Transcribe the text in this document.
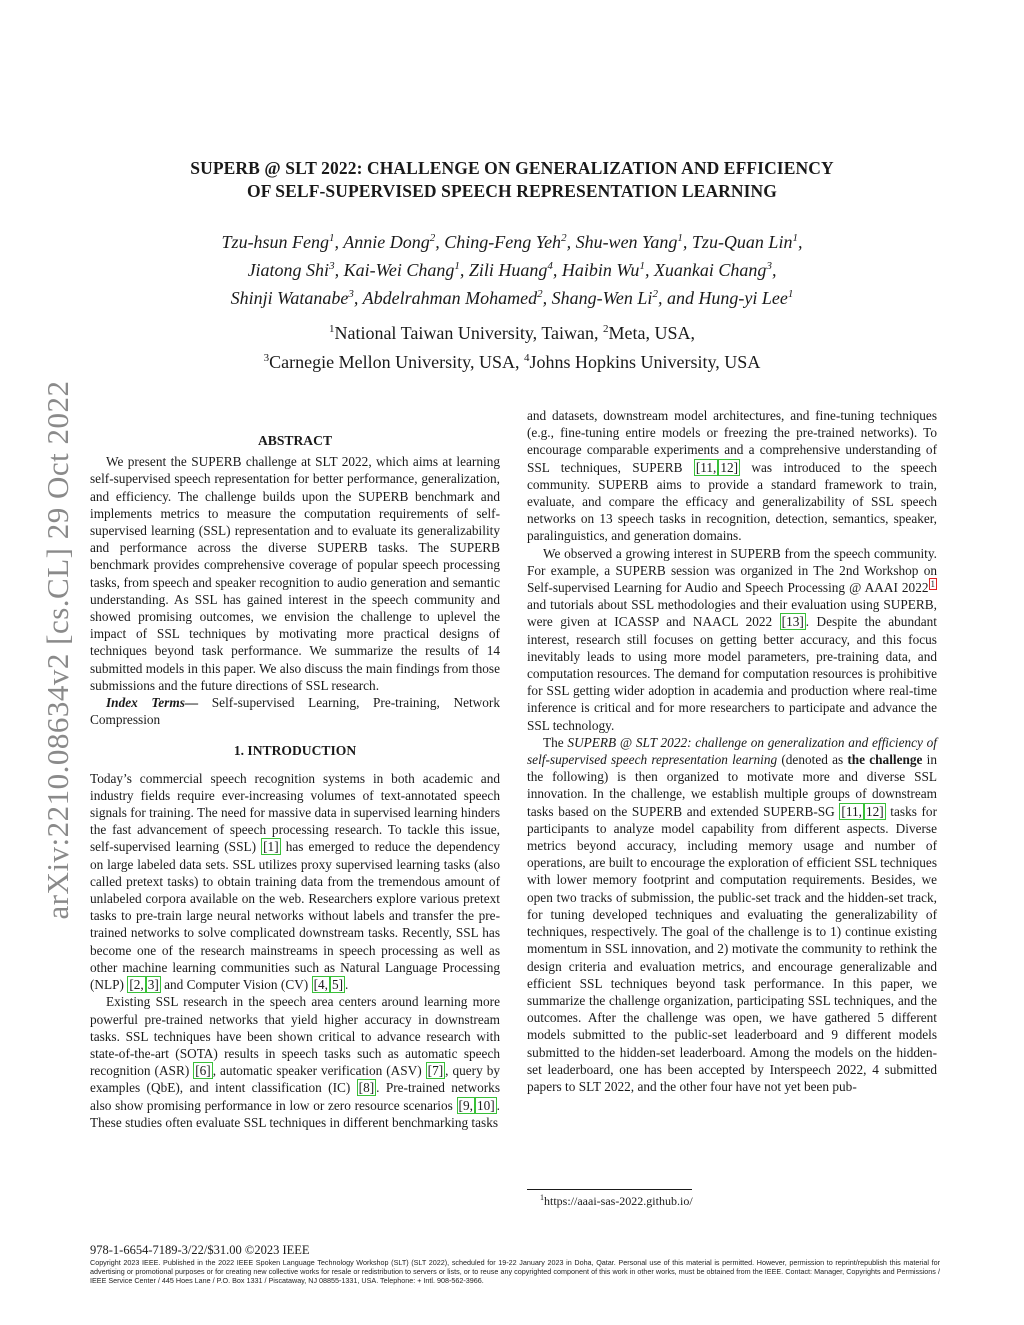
arXiv:2210.08634v2 [cs.CL] 29 Oct 2022
SUPERB @ SLT 2022: CHALLENGE ON GENERALIZATION AND EFFICIENCY
OF SELF-SUPERVISED SPEECH REPRESENTATION LEARNING
Tzu-hsun Feng$^1$, Annie Dong$^2$, Ching-Feng Yeh$^2$, Shu-wen Yang$^1$, Tzu-Quan Lin$^1$,
Jiatong Shi$^3$, Kai-Wei Chang$^1$, Zili Huang$^4$, Haibin Wu$^1$, Xuankai Chang$^3$,
Shinji Watanabe$^3$, Abdelrahman Mohamed$^2$, Shang-Wen Li$^2$, and Hung-yi Lee$^1$
$^1$National Taiwan University, Taiwan, $^2$Meta, USA,
$^3$Carnegie Mellon University, USA, $^4$Johns Hopkins University, USA
ABSTRACT

We present the SUPERB challenge at SLT 2022, which aims at learning self-supervised speech representation for better performance, generalization, and efficiency. The challenge builds upon the SUPERB benchmark and implements metrics to measure the computation requirements of self-supervised learning (SSL) representation and to evaluate its generalizability and performance across the diverse SUPERB tasks. The SUPERB benchmark provides comprehensive coverage of popular speech processing tasks, from speech and speaker recognition to audio generation and semantic understanding. As SSL has gained interest in the speech community and showed promising outcomes, we envision the challenge to uplevel the impact of SSL techniques by motivating more practical designs of techniques beyond task performance. We summarize the results of 14 submitted models in this paper. We also discuss the main findings from those submissions and the future directions of SSL research.

Index Terms— Self-supervised Learning, Pre-training, Network Compression

1. INTRODUCTION

Today’s commercial speech recognition systems in both academic and industry fields require ever-increasing volumes of text-annotated speech signals for training. The need for massive data in supervised learning hinders the fast advancement of speech processing research. To tackle this issue, self-supervised learning (SSL) [1] has emerged to reduce the dependency on large labeled data sets. SSL utilizes proxy supervised learning tasks (also called pretext tasks) to obtain training data from the tremendous amount of unlabeled corpora available on the web. Researchers explore various pretext tasks to pre-train large neural networks without labels and transfer the pre-trained networks to solve complicated downstream tasks. Recently, SSL has become one of the research mainstreams in speech processing as well as other machine learning communities such as Natural Language Processing (NLP) [2, 3] and Computer Vision (CV) [4, 5] .

Existing SSL research in the speech area centers around learning more powerful pre-trained networks that yield higher accuracy in downstream tasks. SSL techniques have been shown critical to advance research with state-of-the-art (SOTA) results in speech tasks such as automatic speech recognition (ASR) [6] , automatic speaker verification (ASV) [7] , query by examples (QbE), and intent classification (IC) [8] . Pre-trained networks also show promising performance in low or zero resource scenarios [9, 10] . These studies often evaluate SSL techniques in different benchmarking tasks

and datasets, downstream model architectures, and fine-tuning techniques (e.g., fine-tuning entire models or freezing the pre-trained networks). To encourage comparable experiments and a comprehensive understanding of SSL techniques, SUPERB [11, 12] was introduced to the speech community. SUPERB aims to provide a standard framework to train, evaluate, and compare the efficacy and generalizability of SSL speech networks on 13 speech tasks in recognition, detection, semantics, speaker, paralinguistics, and generation domains.

We observed a growing interest in SUPERB from the speech community. For example, a SUPERB session was organized in The 2nd Workshop on Self-supervised Learning for Audio and Speech Processing @ AAAI 2022 $^1$ and tutorials about SSL methodologies and their evaluation using SUPERB, were given at ICASSP and NAACL 2022 [13] . Despite the abundant interest, research still focuses on getting better accuracy, and this focus inevitably leads to using more model parameters, pre-training data, and computation resources. The demand for computation resources is prohibitive for SSL getting wider adoption in academia and production where real-time inference is critical and for more researchers to participate and advance the SSL technology.

The SUPERB @ SLT 2022: challenge on generalization and efficiency of self-supervised speech representation learning (denoted as the challenge in the following) is then organized to motivate more and diverse SSL innovation. In the challenge, we establish multiple groups of downstream tasks based on the SUPERB and extended SUPERB-SG [11, 12] tasks for participants to analyze model capability from different aspects. Diverse metrics beyond accuracy, including memory usage and number of operations, are built to encourage the exploration of efficient SSL techniques with lower memory footprint and computation requirements. Besides, we open two tracks of submission, the public-set track and the hidden-set track, for tuning developed techniques and evaluating the generalizability of techniques, respectively. The goal of the challenge is to 1) continue existing momentum in SSL innovation, and 2) motivate the community to rethink the design criteria and evaluation metrics, and encourage generalizable and efficient SSL techniques beyond task performance. In this paper, we summarize the challenge organization, participating SSL techniques, and the outcomes. After the challenge was open, we have gathered 5 different models submitted to the public-set leaderboard and 9 different models submitted to the hidden-set leaderboard. Among the models on the hidden-set leaderboard, one has been accepted by Interspeech 2022, 4 submitted papers to SLT 2022, and the other four have not yet been pub-

$^1$https://aaai-sas-2022.github.io/
978-1-6654-7189-3/22/$31.00 ©2023 IEEE
Copyright 2023 IEEE. Published in the 2022 IEEE Spoken Language Technology Workshop (SLT) (SLT 2022), scheduled for 19-22 January 2023 in Doha, Qatar. Personal use of this material is permitted. However, permission to reprint/republish this material for advertising or promotional purposes or for creating new collective works for resale or redistribution to servers or lists, or to reuse any copyrighted component of this work in other works, must be obtained from the IEEE. Contact: Manager, Copyrights and Permissions / IEEE Service Center / 445 Hoes Lane / P.O. Box 1331 / Piscataway, NJ 08855-1331, USA. Telephone: + Intl. 908-562-3966.
